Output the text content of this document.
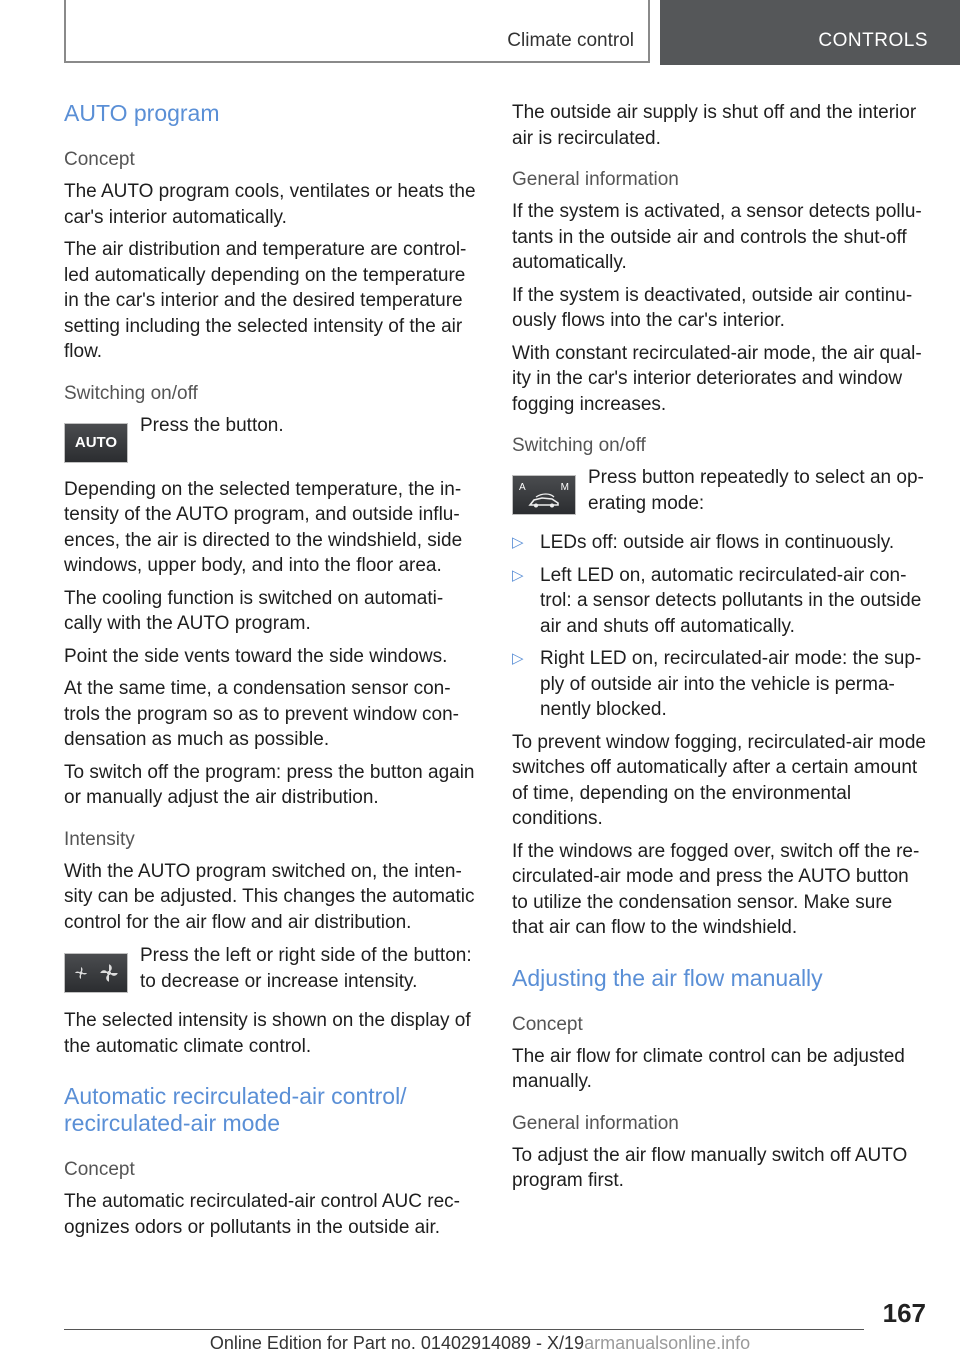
Climate control	CONTROLS
AUTO program
Concept

The AUTO program cools, ventilates or heats the car's interior automatically.

The air distribution and temperature are control-led automatically depending on the temperature in the car's interior and the desired temperature setting including the selected intensity of the air flow.

Switching on/off
AUTO

Press the button.

Depending on the selected temperature, the in-tensity of the AUTO program, and outside influ-ences, the air is directed to the windshield, side windows, upper body, and into the floor area.

The cooling function is switched on automati-cally with the AUTO program.

Point the side vents toward the side windows.

At the same time, a condensation sensor con-trols the program so as to prevent window con-densation as much as possible.

To switch off the program: press the button again or manually adjust the air distribution.

Intensity

With the AUTO program switched on, the inten-sity can be adjusted. This changes the automatic control for the air flow and air distribution.

Press the left or right side of the button: to decrease or increase intensity.

The selected intensity is shown on the display of the automatic climate control.

Automatic recirculated-air control/ recirculated-air mode
Concept

The automatic recirculated-air control AUC rec-ognizes odors or pollutants in the outside air.

The outside air supply is shut off and the interior air is recirculated.

General information

If the system is activated, a sensor detects pollu-tants in the outside air and controls the shut-off automatically.

If the system is deactivated, outside air continu-ously flows into the car's interior.

With constant recirculated-air mode, the air qual-ity in the car's interior deteriorates and window fogging increases.

Switching on/off
A	M Press button repeatedly to select an op-erating mode:

▷ LEDs off: outside air flows in continuously.
▷ Left LED on, automatic recirculated-air con-trol: a sensor detects pollutants in the outside air and shuts off automatically.
▷ Right LED on, recirculated-air mode: the sup-ply of outside air into the vehicle is perma-nently blocked.

To prevent window fogging, recirculated-air mode switches off automatically after a certain amount of time, depending on the environmental conditions.

If the windows are fogged over, switch off the re-circulated-air mode and press the AUTO button to utilize the condensation sensor. Make sure that air can flow to the windshield.

Adjusting the air flow manually
Concept

The air flow for climate control can be adjusted manually.

General information

To adjust the air flow manually switch off AUTO program first.

167
Online Edition for Part no. 01402914089 - X/19armanualsonline.info
